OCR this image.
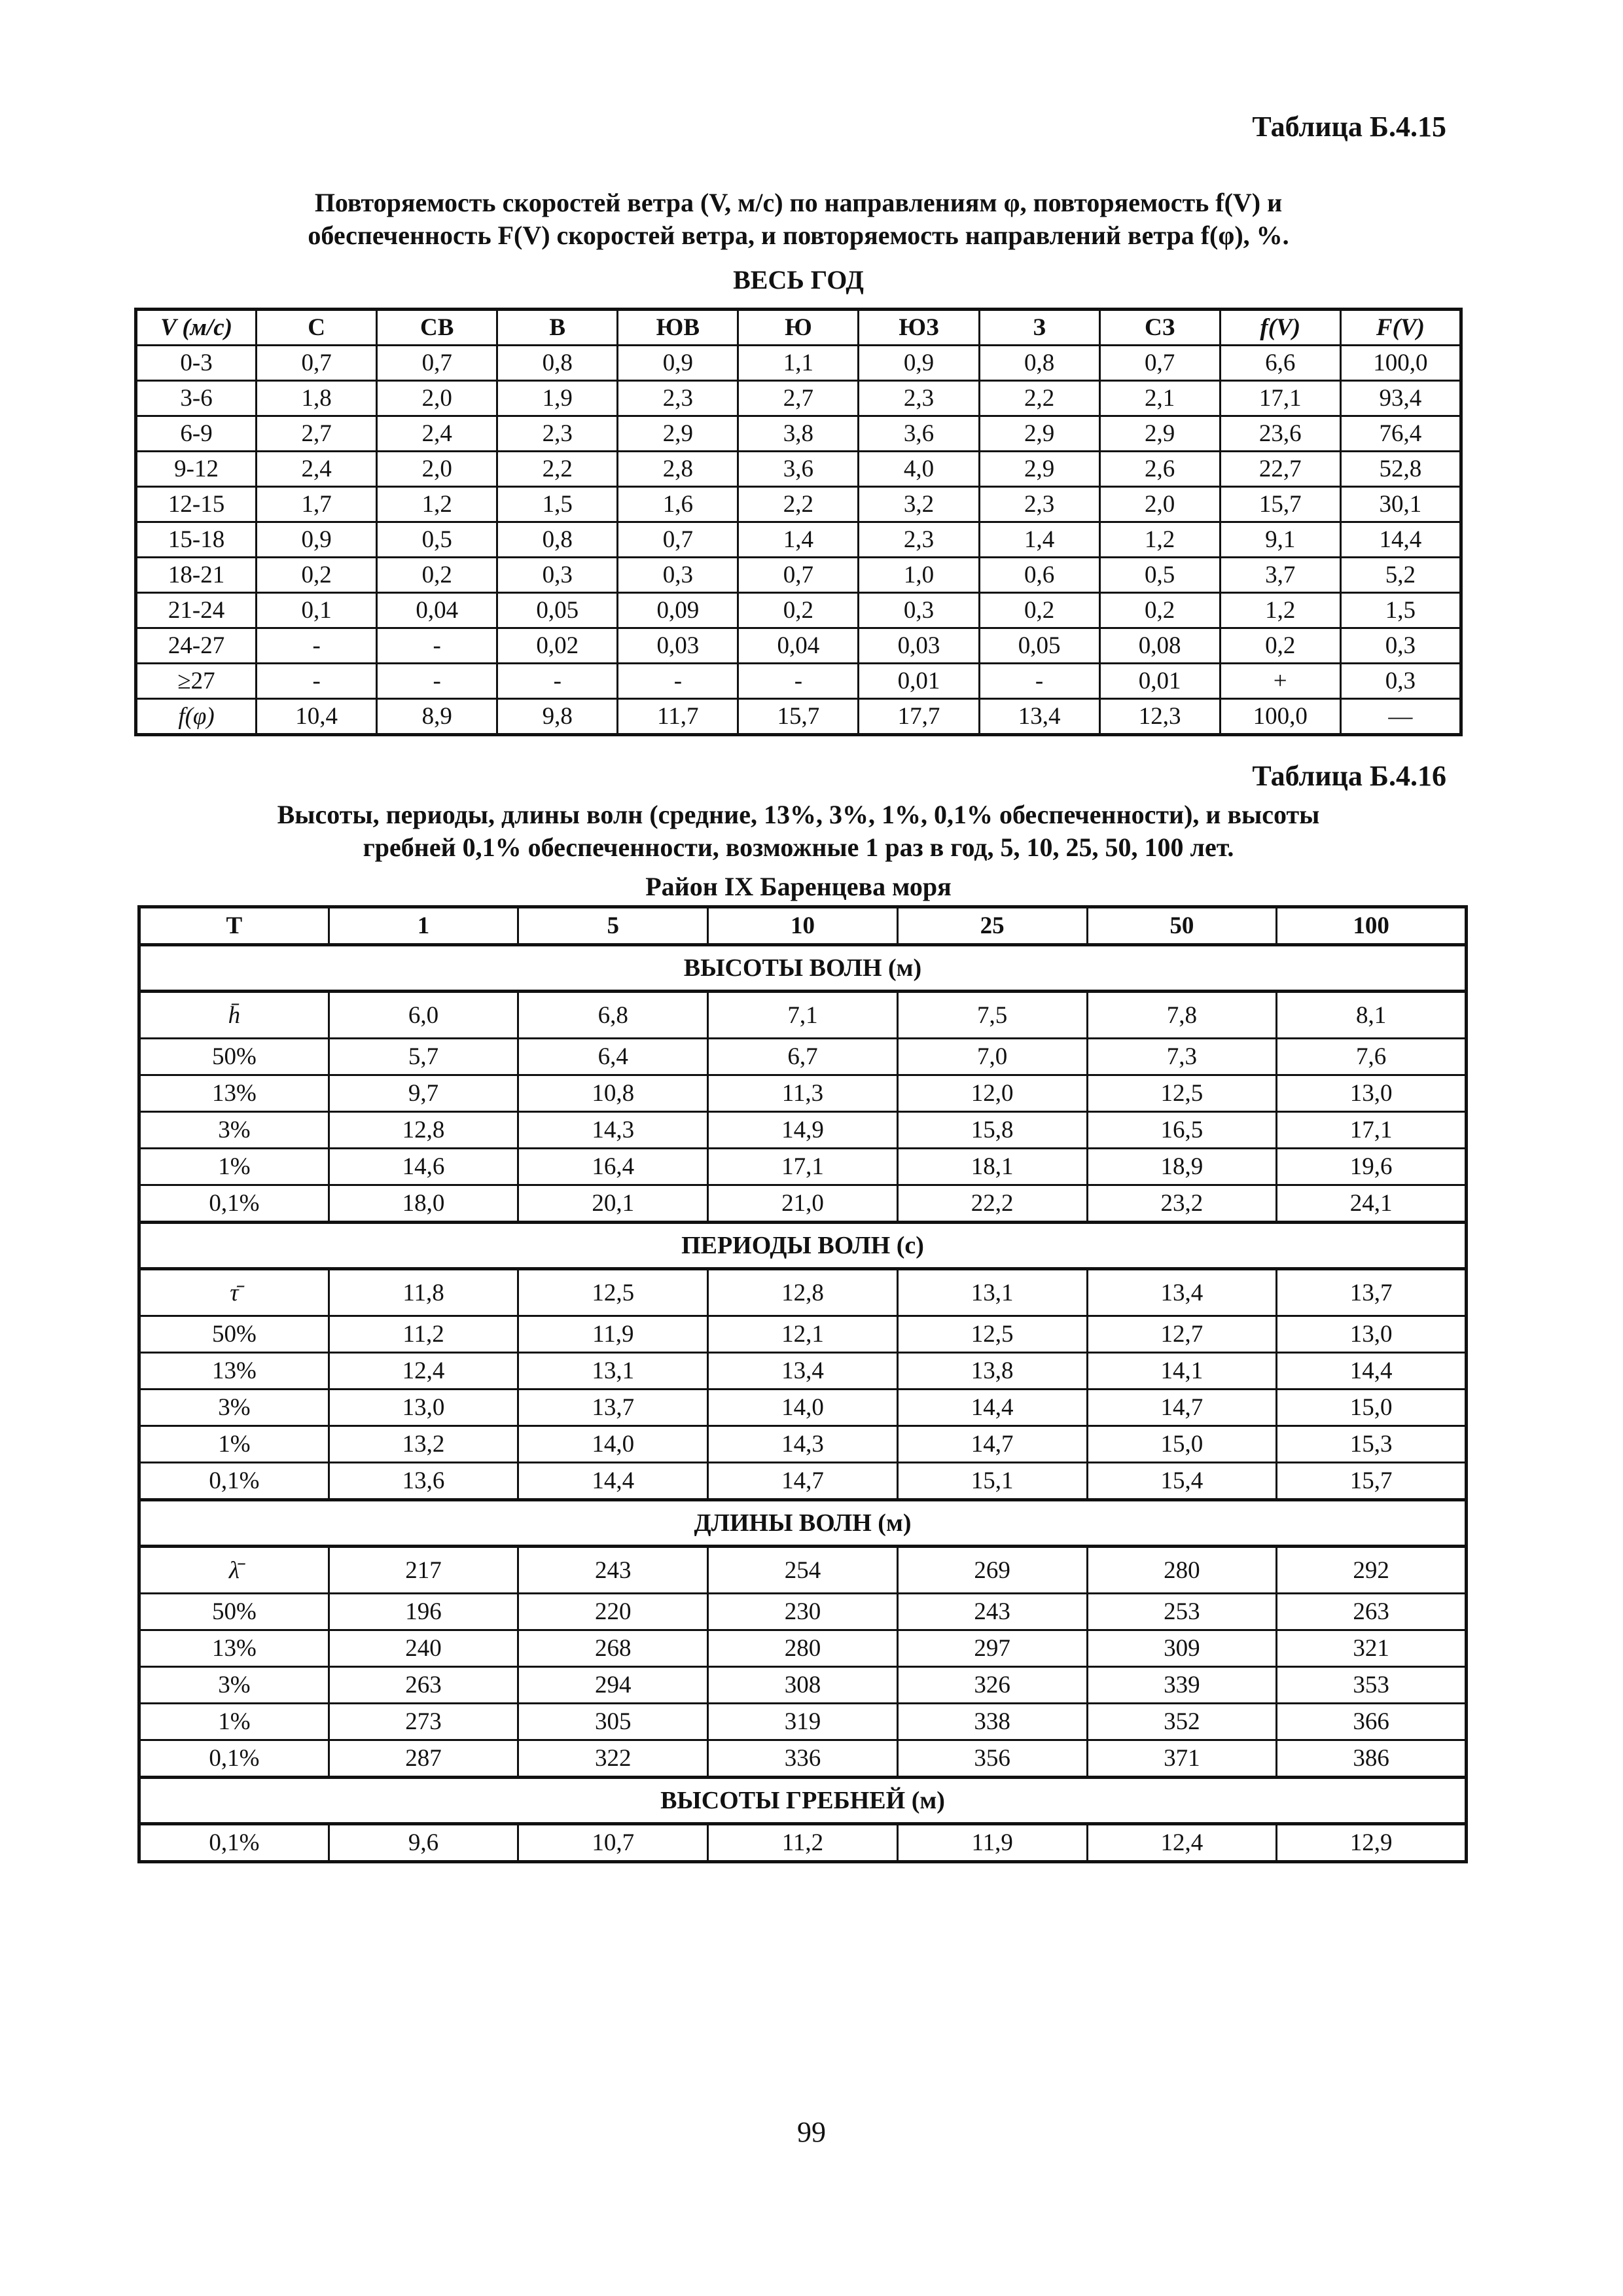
Таблица Б.4.15
Повторяемость скоростей ветра (V, м/с) по направлениям φ, повторяемость f(V) и
обеспеченность F(V) скоростей ветра, и повторяемость направлений ветра f(φ), %.
ВЕСЬ ГОД
V (м/с)	С	СВ	В	ЮВ	Ю	ЮЗ	З	СЗ	f(V)	F(V)
0-3	0,7	0,7	0,8	0,9	1,1	0,9	0,8	0,7	6,6	100,0
3-6	1,8	2,0	1,9	2,3	2,7	2,3	2,2	2,1	17,1	93,4
6-9	2,7	2,4	2,3	2,9	3,8	3,6	2,9	2,9	23,6	76,4
9-12	2,4	2,0	2,2	2,8	3,6	4,0	2,9	2,6	22,7	52,8
12-15	1,7	1,2	1,5	1,6	2,2	3,2	2,3	2,0	15,7	30,1
15-18	0,9	0,5	0,8	0,7	1,4	2,3	1,4	1,2	9,1	14,4
18-21	0,2	0,2	0,3	0,3	0,7	1,0	0,6	0,5	3,7	5,2
21-24	0,1	0,04	0,05	0,09	0,2	0,3	0,2	0,2	1,2	1,5
24-27	-	-	0,02	0,03	0,04	0,03	0,05	0,08	0,2	0,3
≥27	-	-	-	-	-	0,01	-	0,01	+	0,3
f(φ)	10,4	8,9	9,8	11,7	15,7	17,7	13,4	12,3	100,0	—
Таблица Б.4.16
Высоты, периоды, длины волн (средние, 13%, 3%, 1%, 0,1% обеспеченности), и высоты
гребней 0,1% обеспеченности, возможные 1 раз в год, 5, 10, 25, 50, 100 лет.
Район IX Баренцева моря
T	1	5	10	25	50	100
ВЫСОТЫ ВОЛН (м)						
h̄	6,0	6,8	7,1	7,5	7,8	8,1
50%	5,7	6,4	6,7	7,0	7,3	7,6
13%	9,7	10,8	11,3	12,0	12,5	13,0
3%	12,8	14,3	14,9	15,8	16,5	17,1
1%	14,6	16,4	17,1	18,1	18,9	19,6
0,1%	18,0	20,1	21,0	22,2	23,2	24,1
ПЕРИОДЫ ВОЛН (с)						
τ̄	11,8	12,5	12,8	13,1	13,4	13,7
50%	11,2	11,9	12,1	12,5	12,7	13,0
13%	12,4	13,1	13,4	13,8	14,1	14,4
3%	13,0	13,7	14,0	14,4	14,7	15,0
1%	13,2	14,0	14,3	14,7	15,0	15,3
0,1%	13,6	14,4	14,7	15,1	15,4	15,7
ДЛИНЫ ВОЛН (м)						
λ̄	217	243	254	269	280	292
50%	196	220	230	243	253	263
13%	240	268	280	297	309	321
3%	263	294	308	326	339	353
1%	273	305	319	338	352	366
0,1%	287	322	336	356	371	386
ВЫСОТЫ ГРЕБНЕЙ (м)						
0,1%	9,6	10,7	11,2	11,9	12,4	12,9
99
